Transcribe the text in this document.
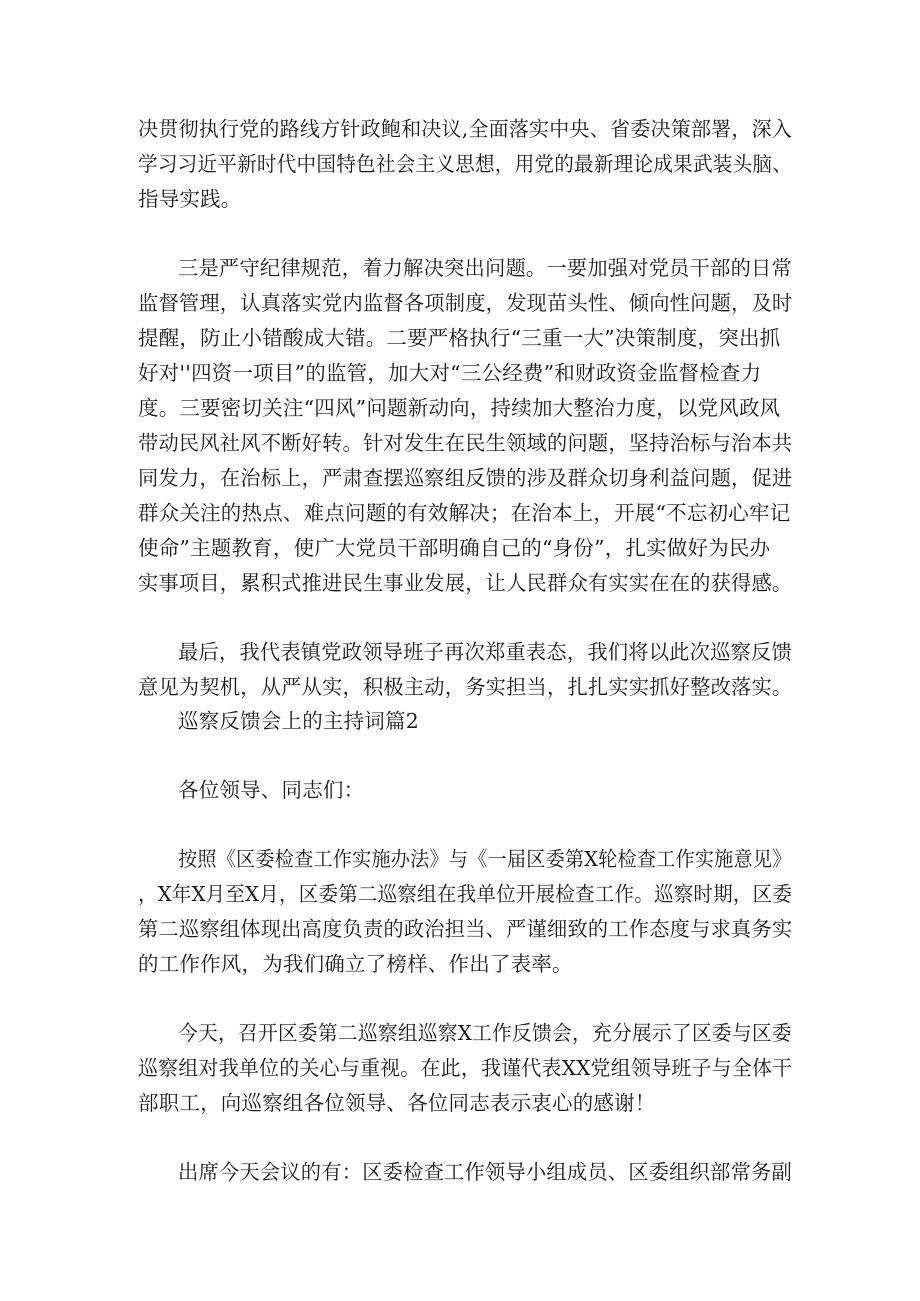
决贯彻执行党的路线方针政鲍和决议,全面落实中央、省委决策部署，深入
学习习近平新时代中国特色社会主义思想，用党的最新理论成果武装头脑、
指导实践。
三是严守纪律规范，着力解决突出问题。一要加强对党员干部的日常
监督管理，认真落实党内监督各项制度，发现苗头性、倾向性问题，及时
提醒，防止小错酸成大错。二要严格执行“三重一大”决策制度，突出抓
好对''四资一项目”的监管，加大对“三公经费”和财政资金监督检查力
度。三要密切关注“四风”问题新动向，持续加大整治力度，以党风政风
带动民风社风不断好转。针对发生在民生领域的问题，坚持治标与治本共
同发力，在治标上，严肃查摆巡察组反馈的涉及群众切身利益问题，促进
群众关注的热点、难点问题的有效解决；在治本上，开展“不忘初心牢记
使命”主题教育，使广大党员干部明确自己的“身份”，扎实做好为民办
实事项目，累积式推进民生事业发展，让人民群众有实实在在的获得感。
最后，我代表镇党政领导班子再次郑重表态，我们将以此次巡察反馈
意见为契机，从严从实，积极主动，务实担当，扎扎实实抓好整改落实。
巡察反馈会上的主持词篇2
各位领导、同志们：
按照《区委检查工作实施办法》与《一届区委第X轮检查工作实施意见》
，X年X月至X月，区委第二巡察组在我单位开展检查工作。巡察时期，区委
第二巡察组体现出高度负责的政治担当、严谨细致的工作态度与求真务实
的工作作风，为我们确立了榜样、作出了表率。
今天，召开区委第二巡察组巡察X工作反馈会，充分展示了区委与区委
巡察组对我单位的关心与重视。在此，我谨代表XX党组领导班子与全体干
部职工，向巡察组各位领导、各位同志表示衷心的感谢！
出席今天会议的有：区委检查工作领导小组成员、区委组织部常务副
